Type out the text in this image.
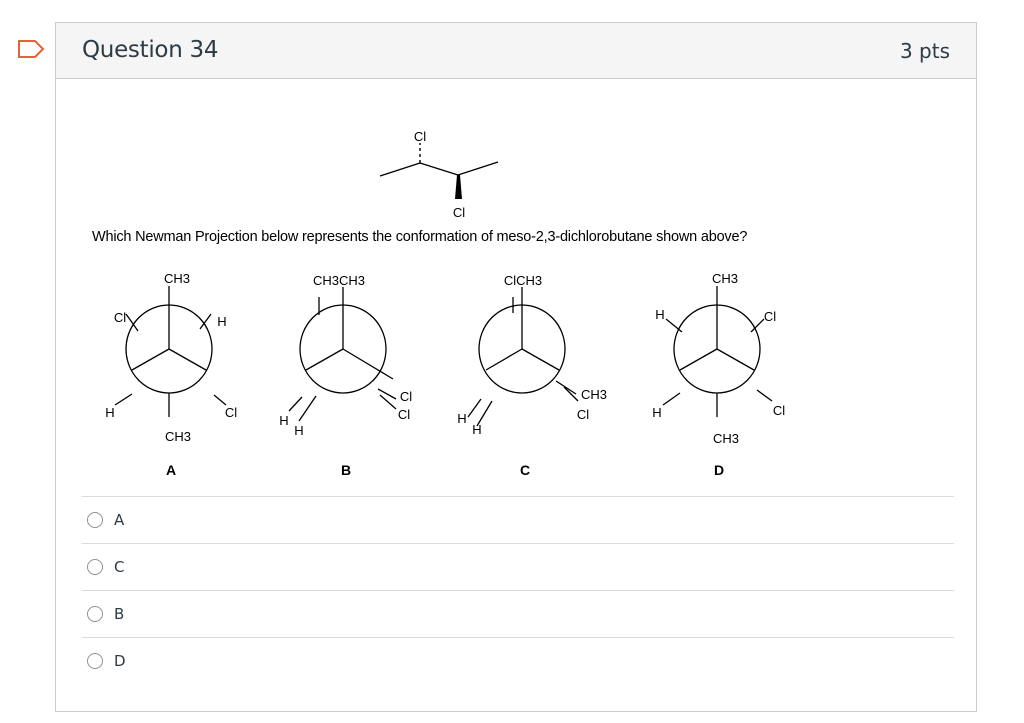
Question 34	3 pts
Cl
Cl
CH3
Cl	H
H	Cl
CH3
A
CH3CH3
Cl
Cl
H
H
B
ClCH3
CH3
Cl
H
H
C
CH3
H	Cl
H	Cl
CH3
D
Which Newman Projection below represents the conformation of meso-2,3-dichlorobutane shown above?
A
C
B
D
